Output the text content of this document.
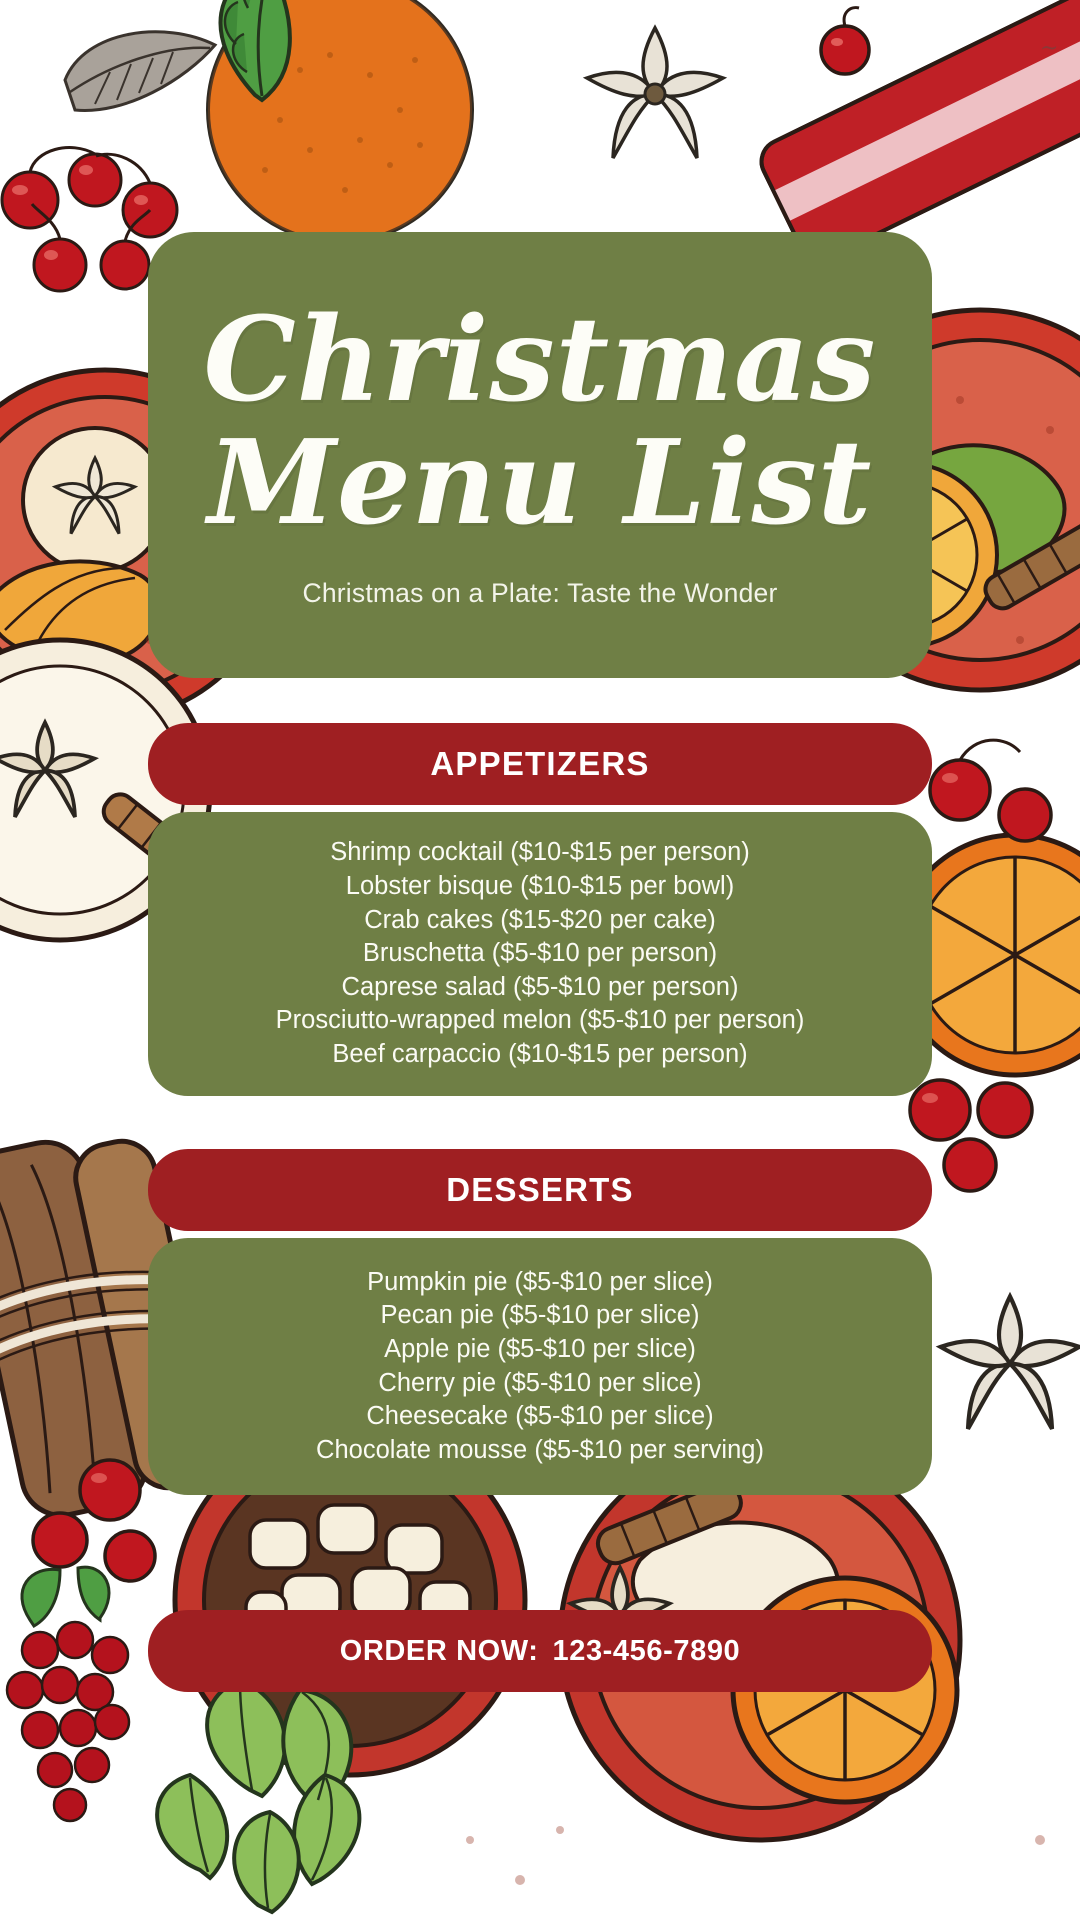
~
Christmas
Menu List
Christmas on a Plate: Taste the Wonder
APPETIZERS
Shrimp cocktail ($10-$15 per person)
Lobster bisque ($10-$15 per bowl)
Crab cakes ($15-$20 per cake)
Bruschetta ($5-$10 per person)
Caprese salad ($5-$10 per person)
Prosciutto-wrapped melon ($5-$10 per person)
Beef carpaccio ($10-$15 per person)
DESSERTS
Pumpkin pie ($5-$10 per slice)
Pecan pie ($5-$10 per slice)
Apple pie ($5-$10 per slice)
Cherry pie ($5-$10 per slice)
Cheesecake ($5-$10 per slice)
Chocolate mousse ($5-$10 per serving)
ORDER NOW: 123-456-7890
